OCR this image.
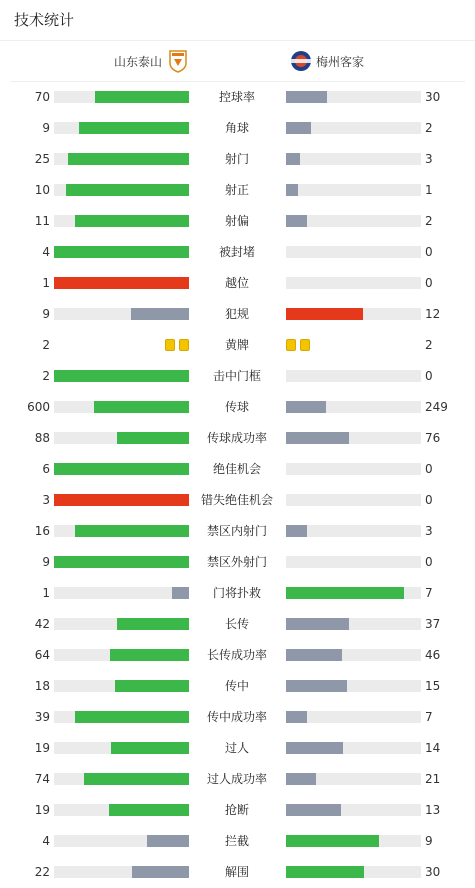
技术统计
山东泰山	梅州客家
70	控球率	30
9	角球	2
25	射门	3
10	射正	1
11	射偏	2
4	被封堵	0
1	越位	0
9	犯规	12
2	黄牌	2
2	击中门框	0
600	传球	249
88	传球成功率	76
6	绝佳机会	0
3	错失绝佳机会	0
16	禁区内射门	3
9	禁区外射门	0
1	门将扑救	7
42	长传	37
64	长传成功率	46
18	传中	15
39	传中成功率	7
19	过人	14
74	过人成功率	21
19	抢断	13
4	拦截	9
22	解围	30
